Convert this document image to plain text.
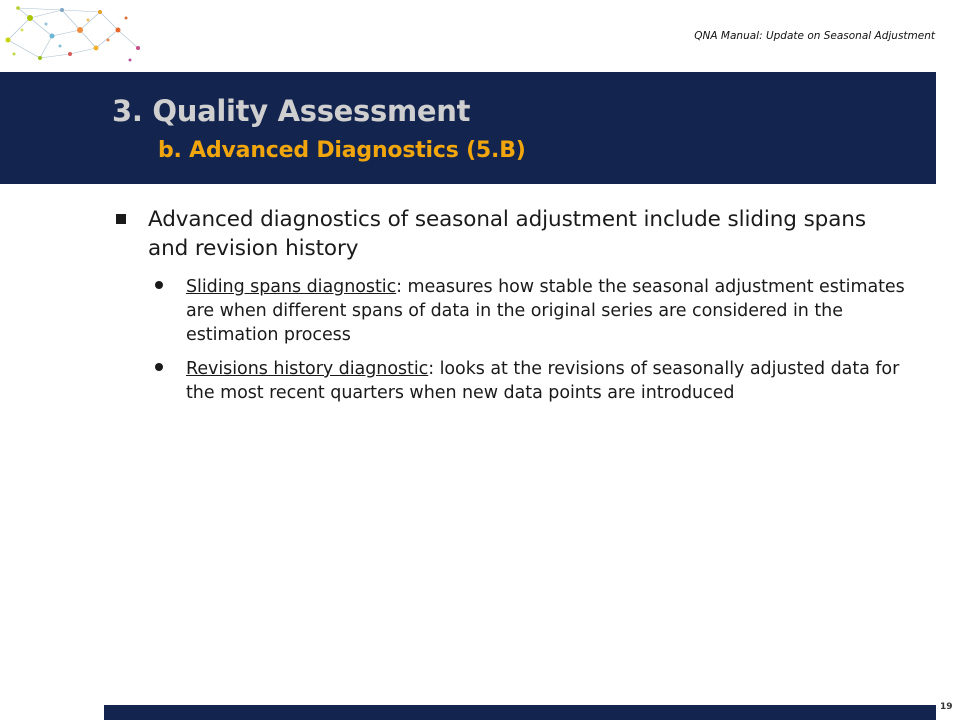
QNA Manual: Update on Seasonal Adjustment
3. Quality Assessment
b. Advanced Diagnostics (5.B)
Advanced diagnostics of seasonal adjustment include sliding spans and revision history
Sliding spans diagnostic: measures how stable the seasonal adjustment estimates are when different spans of data in the original series are considered in the estimation process
Revisions history diagnostic: looks at the revisions of seasonally adjusted data for the most recent quarters when new data points are introduced
19
